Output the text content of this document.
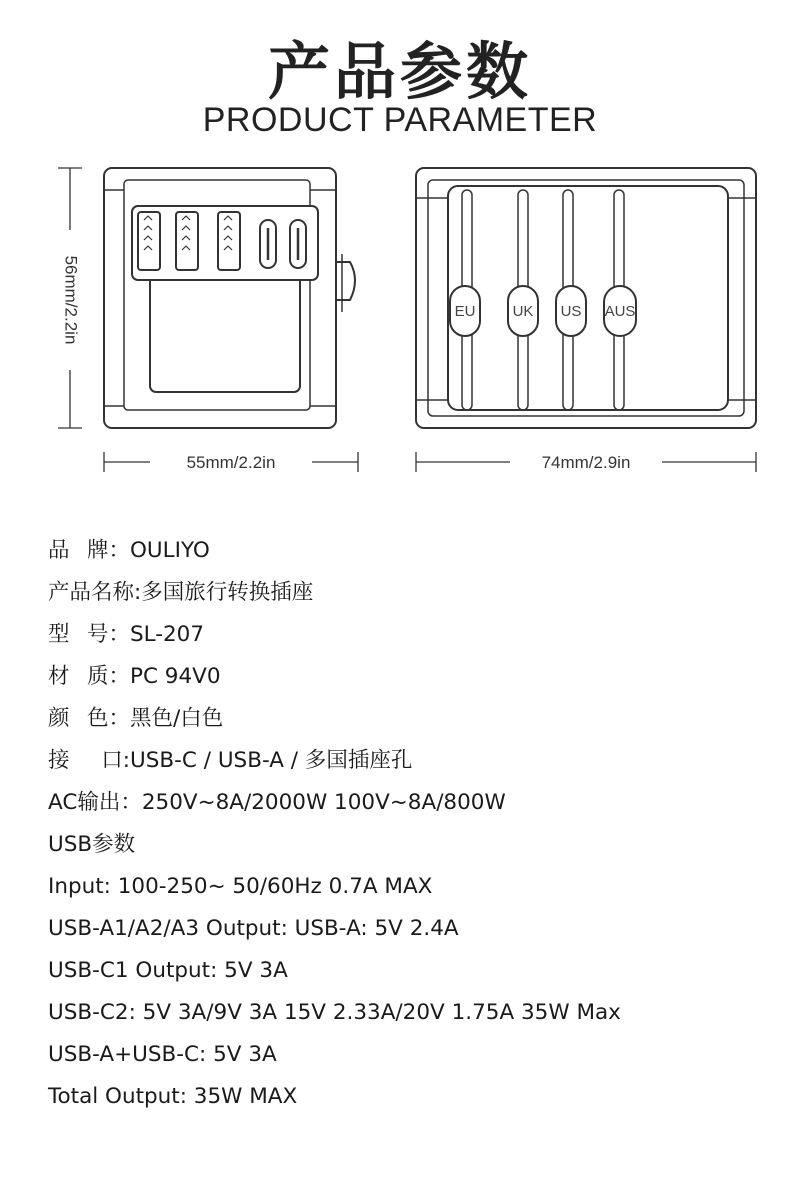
产品参数
PRODUCT PARAMETER
56mm/2.2in
55mm/2.2in	74mm/2.9in
EU UK US AUS
品 牌： OULIYO
产品名称:多国旅行转换插座
型 号： SL-207
材 质： PC 94V0
颜 色： 黑色/白色
接 口: USB-C / USB-A / 多国插座孔
AC输出：250V~8A/2000W 100V~8A/800W
USB参数
Input: 100-250~ 50/60Hz 0.7A MAX
USB-A1/A2/A3 Output: USB-A: 5V 2.4A
USB-C1 Output: 5V 3A
USB-C2: 5V 3A/9V 3A 15V 2.33A/20V 1.75A 35W Max
USB-A+USB-C: 5V 3A
Total Output: 35W MAX
